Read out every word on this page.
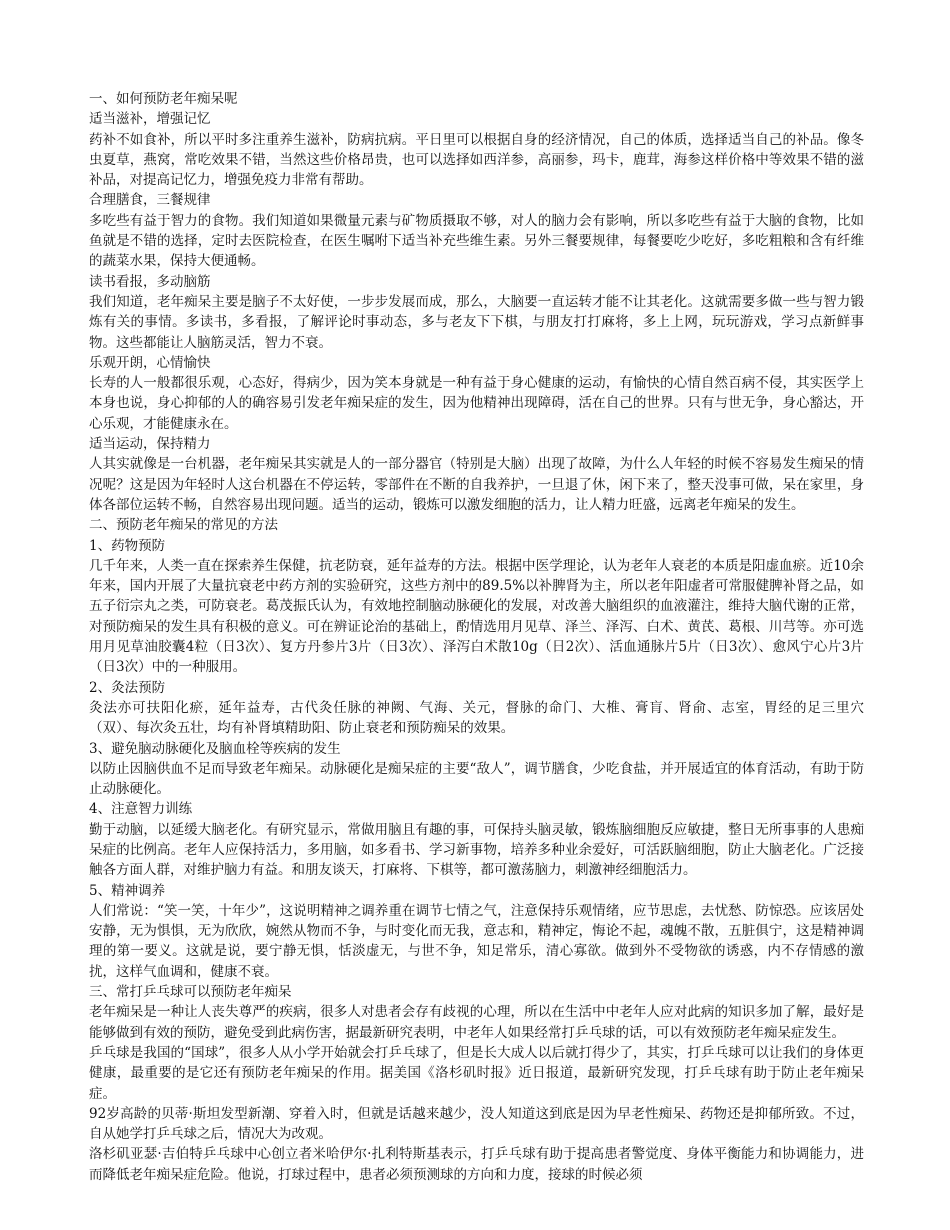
一、如何预防老年痴呆呢

适当滋补，增强记忆

药补不如食补，所以平时多注重养生滋补，防病抗病。平日里可以根据自身的经济情况，自己的体质，选择适当自己的补品。像冬虫夏草，燕窝，常吃效果不错，当然这些价格昂贵，也可以选择如西洋参，高丽参，玛卡，鹿茸，海参这样价格中等效果不错的滋补品，对提高记忆力，增强免疫力非常有帮助。

合理膳食，三餐规律

多吃些有益于智力的食物。我们知道如果微量元素与矿物质摄取不够，对人的脑力会有影响，所以多吃些有益于大脑的食物，比如鱼就是不错的选择，定时去医院检查，在医生嘱咐下适当补充些维生素。另外三餐要规律，每餐要吃少吃好，多吃粗粮和含有纤维的蔬菜水果，保持大便通畅。

读书看报，多动脑筋

我们知道，老年痴呆主要是脑子不太好使，一步步发展而成，那么，大脑要一直运转才能不让其老化。这就需要多做一些与智力锻炼有关的事情。多读书，多看报，了解评论时事动态，多与老友下下棋，与朋友打打麻将，多上上网，玩玩游戏，学习点新鲜事物。这些都能让人脑筋灵活，智力不衰。

乐观开朗，心情愉快

长寿的人一般都很乐观，心态好，得病少，因为笑本身就是一种有益于身心健康的运动，有愉快的心情自然百病不侵，其实医学上本身也说，身心抑郁的人的确容易引发老年痴呆症的发生，因为他精神出现障碍，活在自己的世界。只有与世无争，身心豁达，开心乐观，才能健康永在。

适当运动，保持精力

人其实就像是一台机器，老年痴呆其实就是人的一部分器官（特别是大脑）出现了故障，为什么人年轻的时候不容易发生痴呆的情况呢？这是因为年轻时人这台机器在不停运转，零部件在不断的自我养护，一旦退了休，闲下来了，整天没事可做，呆在家里，身体各部位运转不畅，自然容易出现问题。适当的运动，锻炼可以激发细胞的活力，让人精力旺盛，远离老年痴呆的发生。

二、预防老年痴呆的常见的方法

1、药物预防

几千年来，人类一直在探索养生保健，抗老防衰，延年益寿的方法。根据中医学理论，认为老年人衰老的本质是阳虚血瘀。近10余年来，国内开展了大量抗衰老中药方剂的实验研究，这些方剂中的89.5%以补脾肾为主，所以老年阳虚者可常服健脾补肾之品，如五子衍宗丸之类，可防衰老。葛茂振氏认为，有效地控制脑动脉硬化的发展，对改善大脑组织的血液灌注，维持大脑代谢的正常，对预防痴呆的发生具有积极的意义。可在辨证论治的基础上，酌情选用月见草、泽兰、泽泻、白术、黄芪、葛根、川芎等。亦可选用月见草油胶囊4粒（日3次）、复方丹参片3片（日3次）、泽泻白术散10g（日2次）、活血通脉片5片（日3次）、愈风宁心片3片（日3次）中的一种服用。

2、灸法预防

灸法亦可扶阳化瘀，延年益寿，古代灸任脉的神阙、气海、关元，督脉的命门、大椎、膏肓、肾俞、志室，胃经的足三里穴（双）、每次灸五壮，均有补肾填精助阳、防止衰老和预防痴呆的效果。

3、避免脑动脉硬化及脑血栓等疾病的发生

以防止因脑供血不足而导致老年痴呆。动脉硬化是痴呆症的主要“敌人”，调节膳食，少吃食盐，并开展适宜的体育活动，有助于防止动脉硬化。

4、注意智力训练

勤于动脑，以延缓大脑老化。有研究显示，常做用脑且有趣的事，可保持头脑灵敏，锻炼脑细胞反应敏捷，整日无所事事的人患痴呆症的比例高。老年人应保持活力，多用脑，如多看书、学习新事物，培养多种业余爱好，可活跃脑细胞，防止大脑老化。广泛接触各方面人群，对维护脑力有益。和朋友谈天，打麻将、下棋等，都可激荡脑力，刺激神经细胞活力。

5、精神调养

人们常说：“笑一笑，十年少”，这说明精神之调养重在调节七情之气，注意保持乐观情绪，应节思虑，去忧愁、防惊恐。应该居处安静，无为惧惧，无为欣欣，婉然从物而不争，与时变化而无我，意志和，精神定，悔论不起，魂魄不散，五脏俱宁，这是精神调理的第一要义。这就是说，要宁静无惧，恬淡虚无，与世不争，知足常乐，清心寡欲。做到外不受物欲的诱惑，内不存情感的激扰，这样气血调和，健康不衰。

三、常打乒乓球可以预防老年痴呆

老年痴呆是一种让人丧失尊严的疾病，很多人对患者会存有歧视的心理，所以在生活中中老年人应对此病的知识多加了解，最好是能够做到有效的预防，避免受到此病伤害，据最新研究表明，中老年人如果经常打乒乓球的话，可以有效预防老年痴呆症发生。

乒乓球是我国的“国球”，很多人从小学开始就会打乒乓球了，但是长大成人以后就打得少了，其实，打乒乓球可以让我们的身体更健康，最重要的是它还有预防老年痴呆的作用。据美国《洛杉矶时报》近日报道，最新研究发现，打乒乓球有助于防止老年痴呆症。

92岁高龄的贝蒂·斯坦发型新潮、穿着入时，但就是话越来越少，没人知道这到底是因为早老性痴呆、药物还是抑郁所致。不过，自从她学打乒乓球之后，情况大为改观。

洛杉矶亚瑟·吉伯特乒乓球中心创立者米哈伊尔·扎利特斯基表示，打乒乓球有助于提高患者警觉度、身体平衡能力和协调能力，进而降低老年痴呆症危险。他说，打球过程中，患者必须预测球的方向和力度，接球的时候必须
